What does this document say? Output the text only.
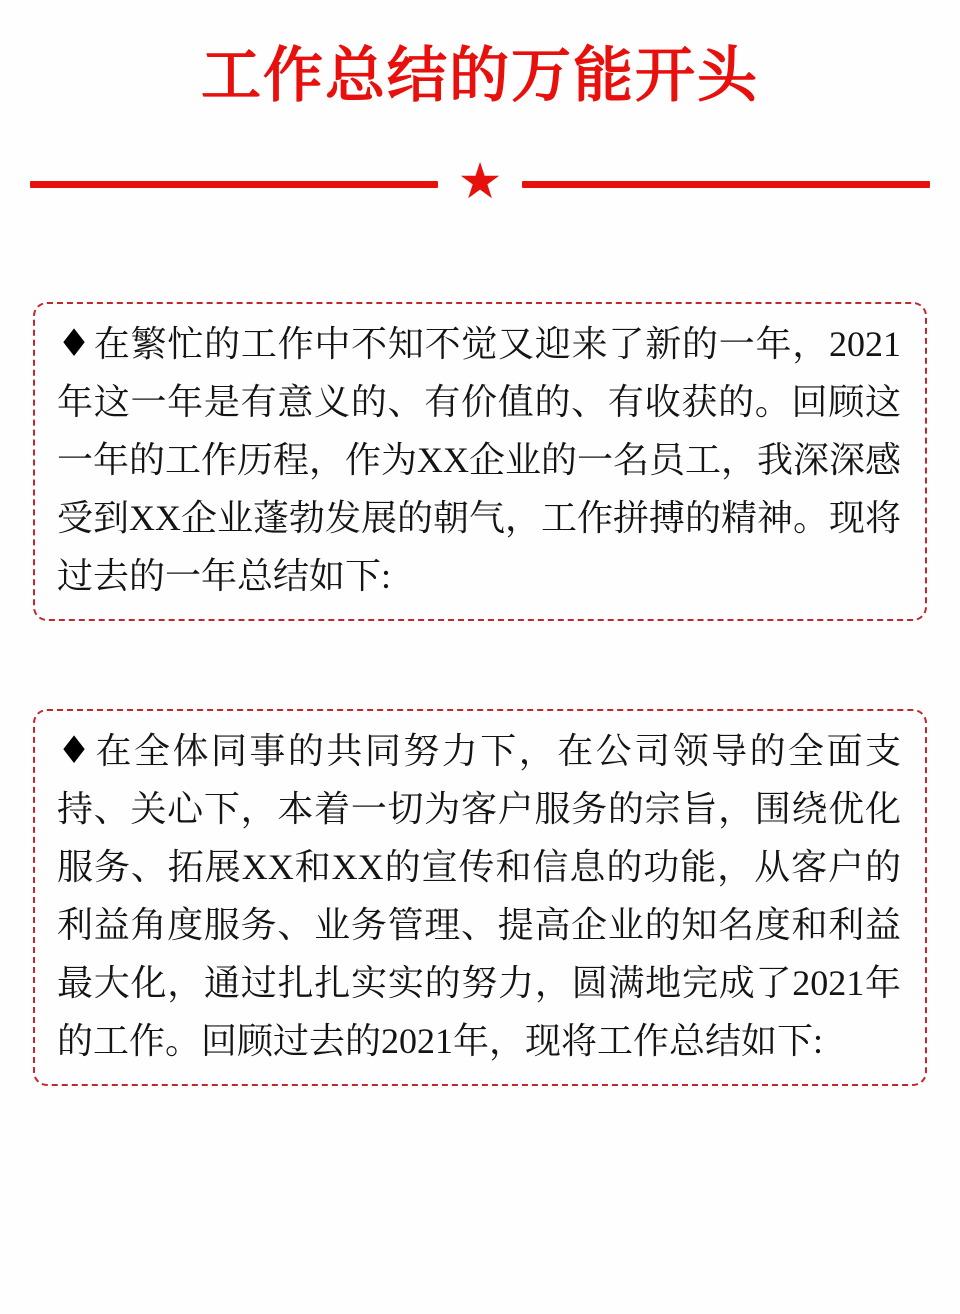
工作总结的万能开头
★

♦在繁忙的工作中不知不觉又迎来了新的一年，2021年这一年是有意义的、有价值的、有收获的。回顾这一年的工作历程，作为XX企业的一名员工，我深深感受到XX企业蓬勃发展的朝气，工作拼搏的精神。现将过去的一年总结如下:

♦在全体同事的共同努力下，在公司领导的全面支持、关心下，本着一切为客户服务的宗旨，围绕优化服务、拓展XX和XX的宣传和信息的功能，从客户的利益角度服务、业务管理、提高企业的知名度和利益最大化，通过扎扎实实的努力，圆满地完成了2021年的工作。回顾过去的2021年，现将工作总结如下:
